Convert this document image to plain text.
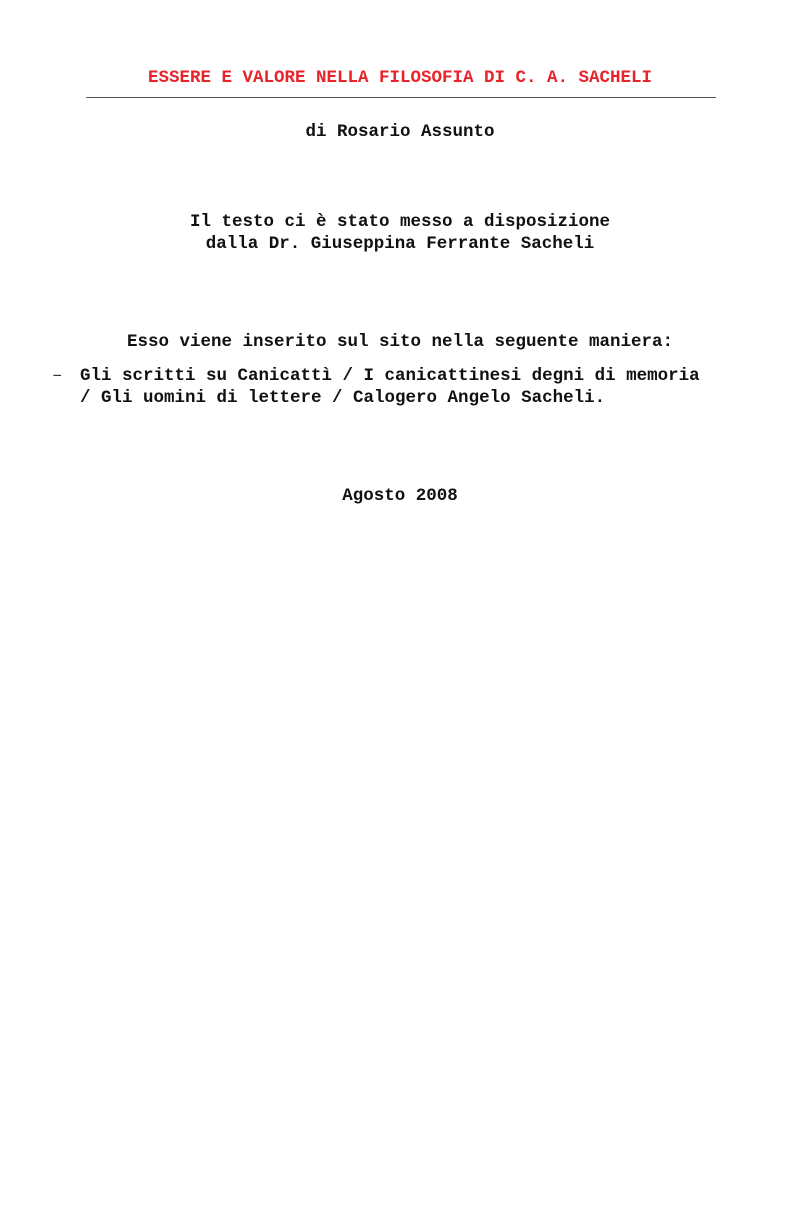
ESSERE E VALORE NELLA FILOSOFIA DI C. A. SACHELI
di Rosario Assunto
Il testo ci è stato messo a disposizione
dalla Dr. Giuseppina Ferrante Sacheli
Esso viene inserito sul sito nella seguente maniera:
– Gli scritti su Canicattì / I canicattinesi degni di memoria
/ Gli uomini di lettere / Calogero Angelo Sacheli.
Agosto 2008
